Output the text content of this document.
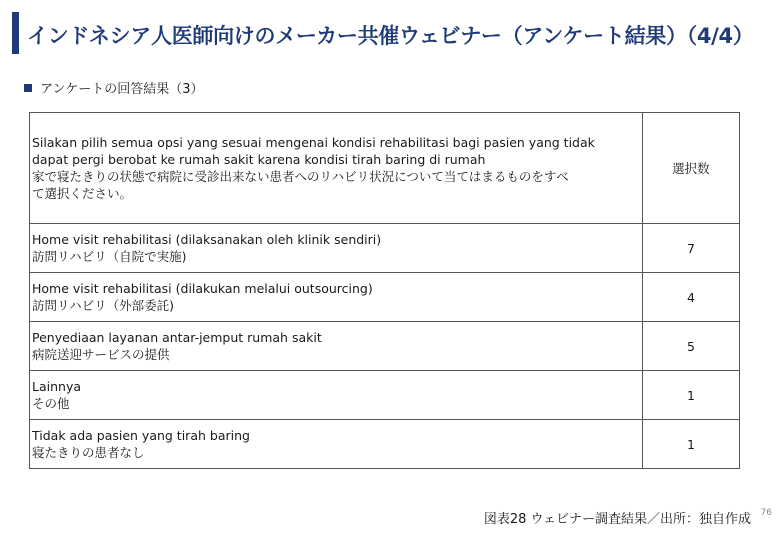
インドネシア人医師向けのメーカー共催ウェビナー（アンケート結果）（4/4）
アンケートの回答結果（3）
Silakan pilih semua opsi yang sesuai mengenai kondisi rehabilitasi bagi pasien yang tidak
dapat pergi berobat ke rumah sakit karena kondisi tirah baring di rumah
家で寝たきりの状態で病院に受診出来ない患者へのリハビリ状況について当てはまるものをすべ
て選択ください。	選択数

Home visit rehabilitasi (dilaksanakan oleh klinik sendiri)
訪問リハビリ（自院で実施)	7

Home visit rehabilitasi (dilakukan melalui outsourcing)
訪問リハビリ（外部委託)	4

Penyediaan layanan antar-jemput rumah sakit
病院送迎サービスの提供	5

Lainnya
その他	1

Tidak ada pasien yang tirah baring
寝たきりの患者なし	1
図表28 ウェビナー調査結果／出所：独自作成 76
